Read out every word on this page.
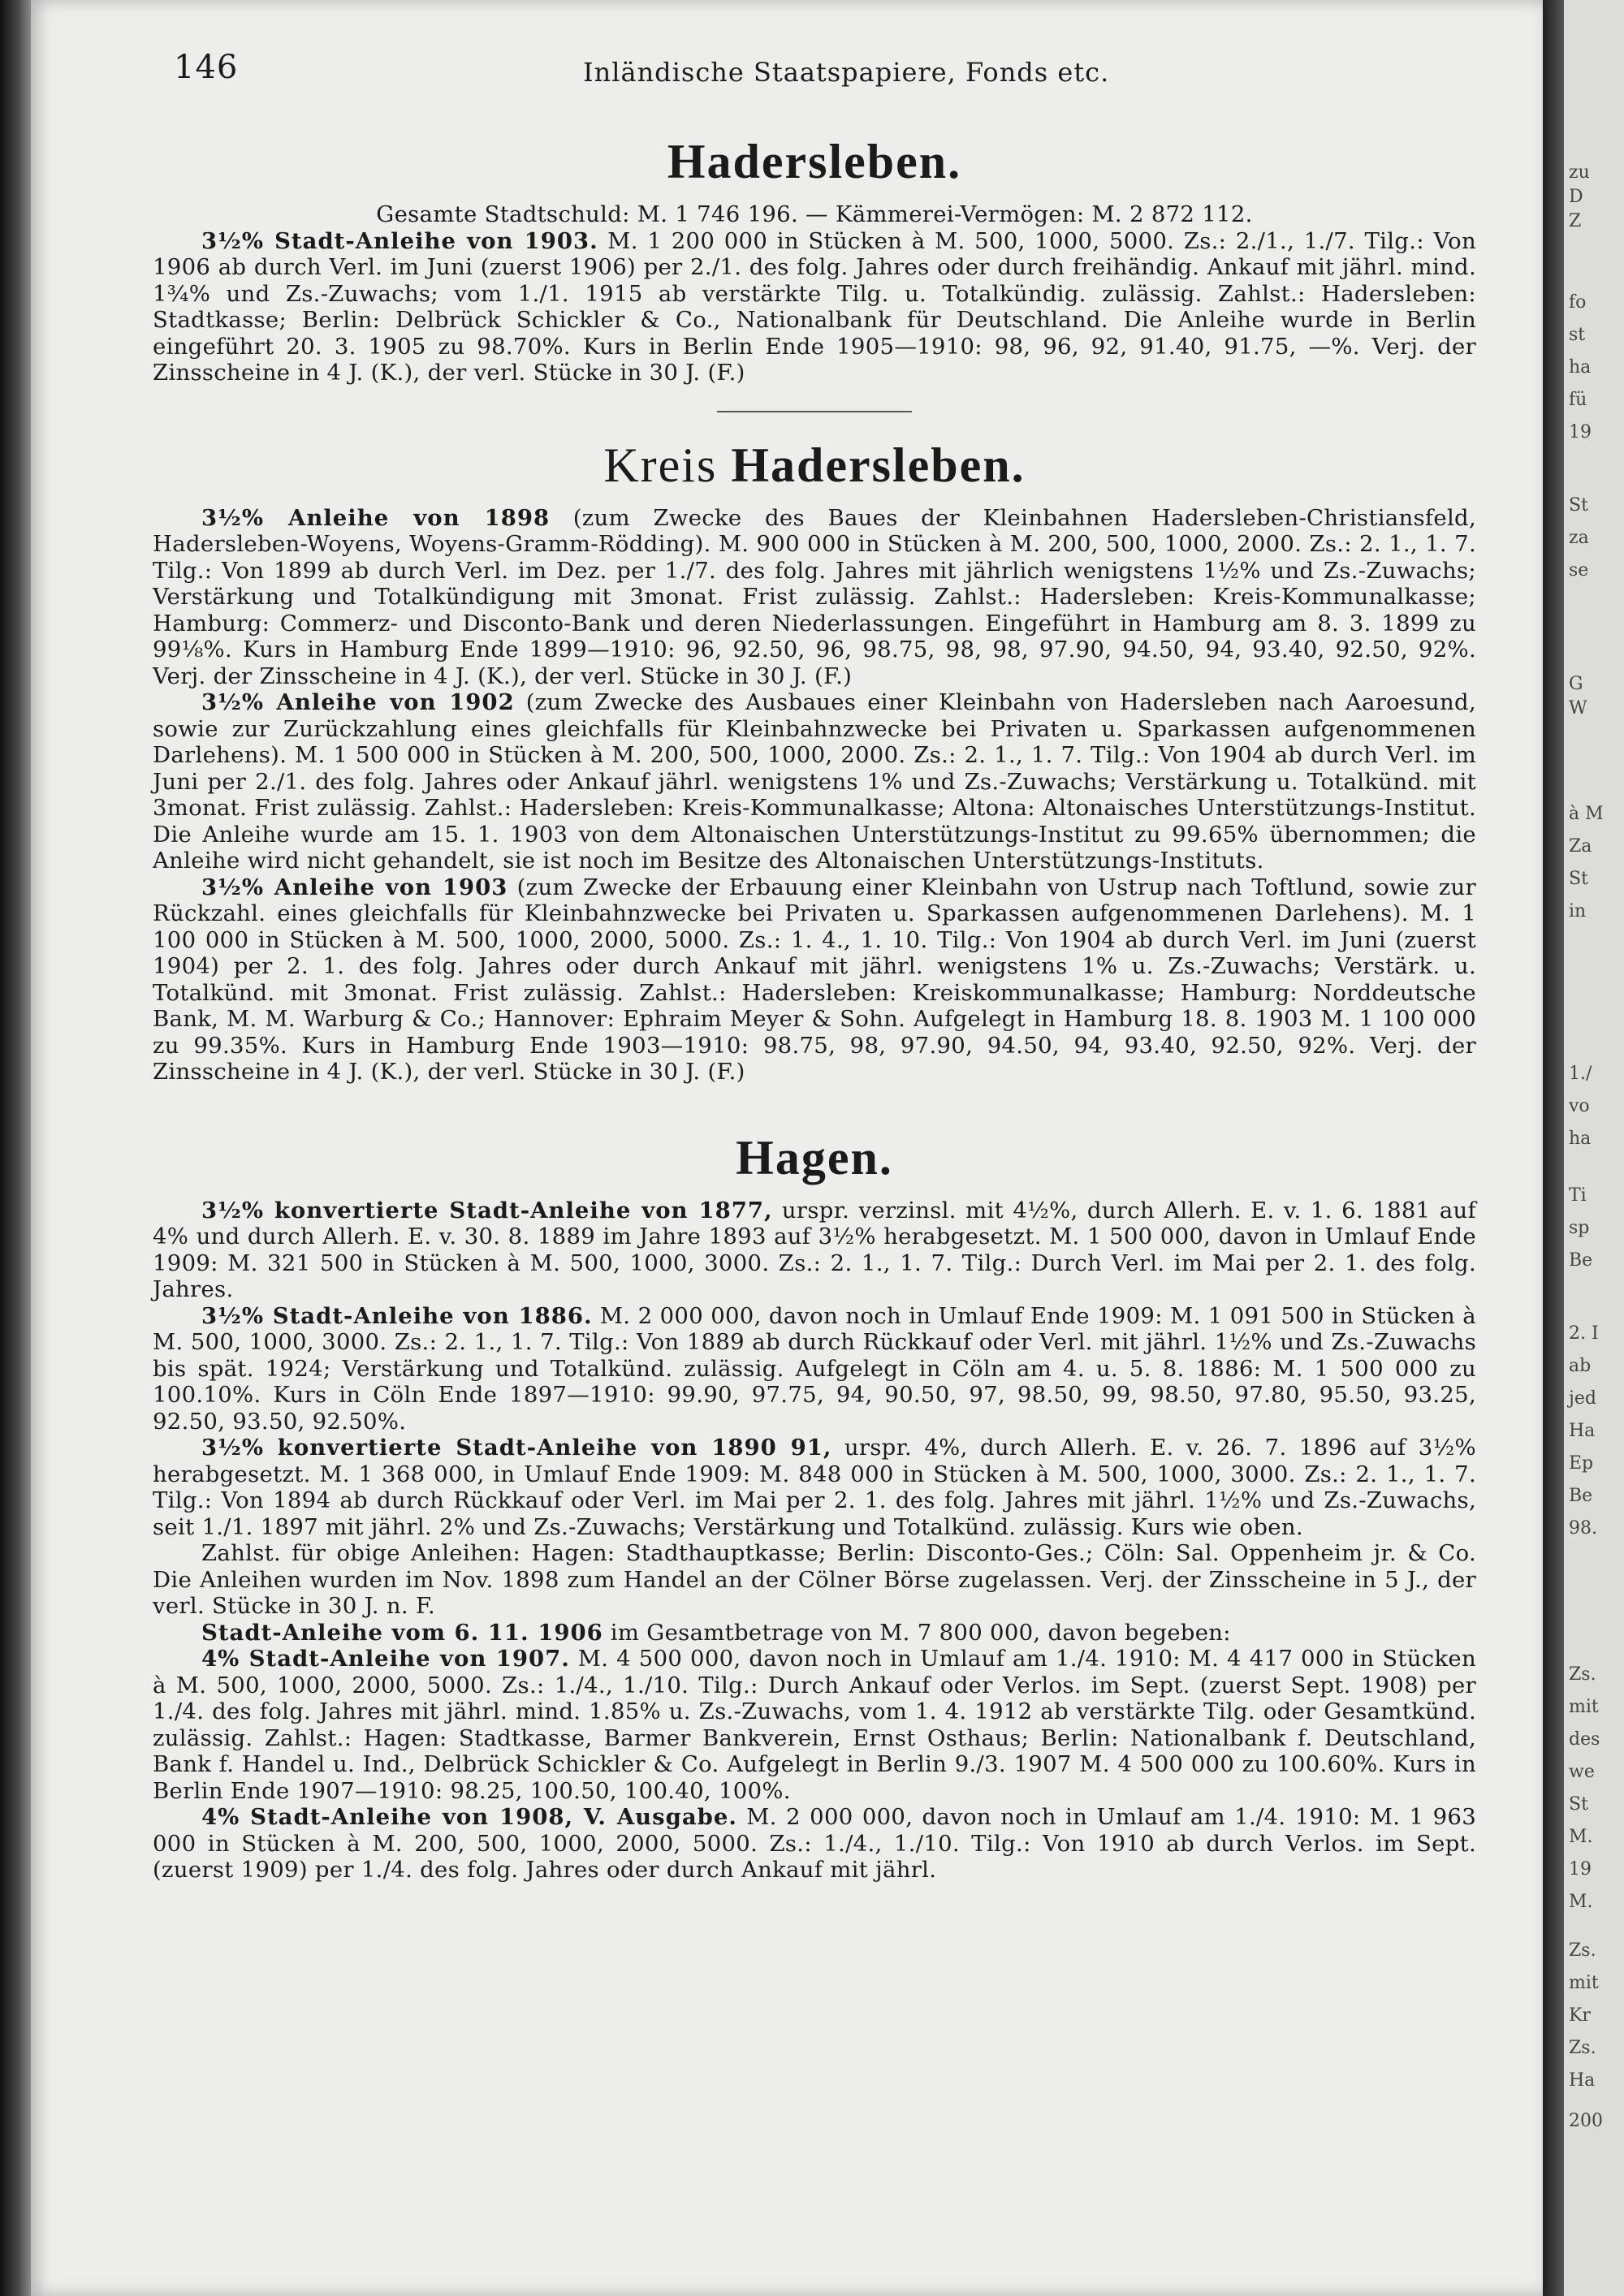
146	Inländische Staatspapiere, Fonds etc.
Hadersleben.

Gesamte Stadtschuld: M. 1 746 196. — Kämmerei-Vermögen: M. 2 872 112.

3½% Stadt-Anleihe von 1903. M. 1 200 000 in Stücken à M. 500, 1000, 5000. Zs.: 2./1., 1./7. Tilg.: Von 1906 ab durch Verl. im Juni (zuerst 1906) per 2./1. des folg. Jahres oder durch freihändig. Ankauf mit jährl. mind. 1¾% und Zs.-Zuwachs; vom 1./1. 1915 ab verstärkte Tilg. u. Totalkündig. zulässig. Zahlst.: Hadersleben: Stadtkasse; Berlin: Delbrück Schickler & Co., Nationalbank für Deutschland. Die Anleihe wurde in Berlin eingeführt 20. 3. 1905 zu 98.70%. Kurs in Berlin Ende 1905—1910: 98, 96, 92, 91.40, 91.75, —%. Verj. der Zinsscheine in 4 J. (K.), der verl. Stücke in 30 J. (F.)

Kreis Hadersleben.

3½% Anleihe von 1898 (zum Zwecke des Baues der Kleinbahnen Hadersleben-Christiansfeld, Hadersleben-Woyens, Woyens-Gramm-Rödding). M. 900 000 in Stücken à M. 200, 500, 1000, 2000. Zs.: 2. 1., 1. 7. Tilg.: Von 1899 ab durch Verl. im Dez. per 1./7. des folg. Jahres mit jährlich wenigstens 1½% und Zs.-Zuwachs; Verstärkung und Totalkündigung mit 3monat. Frist zulässig. Zahlst.: Hadersleben: Kreis-Kommunalkasse; Hamburg: Commerz- und Disconto-Bank und deren Niederlassungen. Eingeführt in Hamburg am 8. 3. 1899 zu 99⅛%. Kurs in Hamburg Ende 1899—1910: 96, 92.50, 96, 98.75, 98, 98, 97.90, 94.50, 94, 93.40, 92.50, 92%. Verj. der Zinsscheine in 4 J. (K.), der verl. Stücke in 30 J. (F.)

3½% Anleihe von 1902 (zum Zwecke des Ausbaues einer Kleinbahn von Hadersleben nach Aaroesund, sowie zur Zurückzahlung eines gleichfalls für Kleinbahnzwecke bei Privaten u. Sparkassen aufgenommenen Darlehens). M. 1 500 000 in Stücken à M. 200, 500, 1000, 2000. Zs.: 2. 1., 1. 7. Tilg.: Von 1904 ab durch Verl. im Juni per 2./1. des folg. Jahres oder Ankauf jährl. wenigstens 1% und Zs.-Zuwachs; Verstärkung u. Totalkünd. mit 3monat. Frist zulässig. Zahlst.: Hadersleben: Kreis-Kommunalkasse; Altona: Altonaisches Unterstützungs-Institut. Die Anleihe wurde am 15. 1. 1903 von dem Altonaischen Unterstützungs-Institut zu 99.65% übernommen; die Anleihe wird nicht gehandelt, sie ist noch im Besitze des Altonaischen Unterstützungs-Instituts.

3½% Anleihe von 1903 (zum Zwecke der Erbauung einer Kleinbahn von Ustrup nach Toftlund, sowie zur Rückzahl. eines gleichfalls für Kleinbahnzwecke bei Privaten u. Sparkassen aufgenommenen Darlehens). M. 1 100 000 in Stücken à M. 500, 1000, 2000, 5000. Zs.: 1. 4., 1. 10. Tilg.: Von 1904 ab durch Verl. im Juni (zuerst 1904) per 2. 1. des folg. Jahres oder durch Ankauf mit jährl. wenigstens 1% u. Zs.-Zuwachs; Verstärk. u. Totalkünd. mit 3monat. Frist zulässig. Zahlst.: Hadersleben: Kreiskommunalkasse; Hamburg: Norddeutsche Bank, M. M. Warburg & Co.; Hannover: Ephraim Meyer & Sohn. Aufgelegt in Hamburg 18. 8. 1903 M. 1 100 000 zu 99.35%. Kurs in Hamburg Ende 1903—1910: 98.75, 98, 97.90, 94.50, 94, 93.40, 92.50, 92%. Verj. der Zinsscheine in 4 J. (K.), der verl. Stücke in 30 J. (F.)

Hagen.

3½% konvertierte Stadt-Anleihe von 1877, urspr. verzinsl. mit 4½%, durch Allerh. E. v. 1. 6. 1881 auf 4% und durch Allerh. E. v. 30. 8. 1889 im Jahre 1893 auf 3½% herabgesetzt. M. 1 500 000, davon in Umlauf Ende 1909: M. 321 500 in Stücken à M. 500, 1000, 3000. Zs.: 2. 1., 1. 7. Tilg.: Durch Verl. im Mai per 2. 1. des folg. Jahres.

3½% Stadt-Anleihe von 1886. M. 2 000 000, davon noch in Umlauf Ende 1909: M. 1 091 500 in Stücken à M. 500, 1000, 3000. Zs.: 2. 1., 1. 7. Tilg.: Von 1889 ab durch Rückkauf oder Verl. mit jährl. 1½% und Zs.-Zuwachs bis spät. 1924; Verstärkung und Totalkünd. zulässig. Aufgelegt in Cöln am 4. u. 5. 8. 1886: M. 1 500 000 zu 100.10%. Kurs in Cöln Ende 1897—1910: 99.90, 97.75, 94, 90.50, 97, 98.50, 99, 98.50, 97.80, 95.50, 93.25, 92.50, 93.50, 92.50%.

3½% konvertierte Stadt-Anleihe von 1890 91, urspr. 4%, durch Allerh. E. v. 26. 7. 1896 auf 3½% herabgesetzt. M. 1 368 000, in Umlauf Ende 1909: M. 848 000 in Stücken à M. 500, 1000, 3000. Zs.: 2. 1., 1. 7. Tilg.: Von 1894 ab durch Rückkauf oder Verl. im Mai per 2. 1. des folg. Jahres mit jährl. 1½% und Zs.-Zuwachs, seit 1./1. 1897 mit jährl. 2% und Zs.-Zuwachs; Verstärkung und Totalkünd. zulässig. Kurs wie oben.

Zahlst. für obige Anleihen: Hagen: Stadthauptkasse; Berlin: Disconto-Ges.; Cöln: Sal. Oppenheim jr. & Co. Die Anleihen wurden im Nov. 1898 zum Handel an der Cölner Börse zugelassen. Verj. der Zinsscheine in 5 J., der verl. Stücke in 30 J. n. F.

Stadt-Anleihe vom 6. 11. 1906 im Gesamtbetrage von M. 7 800 000, davon begeben:

4% Stadt-Anleihe von 1907. M. 4 500 000, davon noch in Umlauf am 1./4. 1910: M. 4 417 000 in Stücken à M. 500, 1000, 2000, 5000. Zs.: 1./4., 1./10. Tilg.: Durch Ankauf oder Verlos. im Sept. (zuerst Sept. 1908) per 1./4. des folg. Jahres mit jährl. mind. 1.85% u. Zs.-Zuwachs, vom 1. 4. 1912 ab verstärkte Tilg. oder Gesamtkünd. zulässig. Zahlst.: Hagen: Stadtkasse, Barmer Bankverein, Ernst Osthaus; Berlin: Nationalbank f. Deutschland, Bank f. Handel u. Ind., Delbrück Schickler & Co. Aufgelegt in Berlin 9./3. 1907 M. 4 500 000 zu 100.60%. Kurs in Berlin Ende 1907—1910: 98.25, 100.50, 100.40, 100%.

4% Stadt-Anleihe von 1908, V. Ausgabe. M. 2 000 000, davon noch in Umlauf am 1./4. 1910: M. 1 963 000 in Stücken à M. 200, 500, 1000, 2000, 5000. Zs.: 1./4., 1./10. Tilg.: Von 1910 ab durch Verlos. im Sept. (zuerst 1909) per 1./4. des folg. Jahres oder durch Ankauf mit jährl.

zu
D
Z
fo
st
ha
fü
19
St
za
se
G
W
à M
Za
St
in
1./
vo
ha
Ti
sp
Be
2. I
ab
jed
Ha
Ep
Be
98.
Zs.
mit
des
we
St
M.
19
M.
Zs.
mit
Kr
Zs.
Ha
200
